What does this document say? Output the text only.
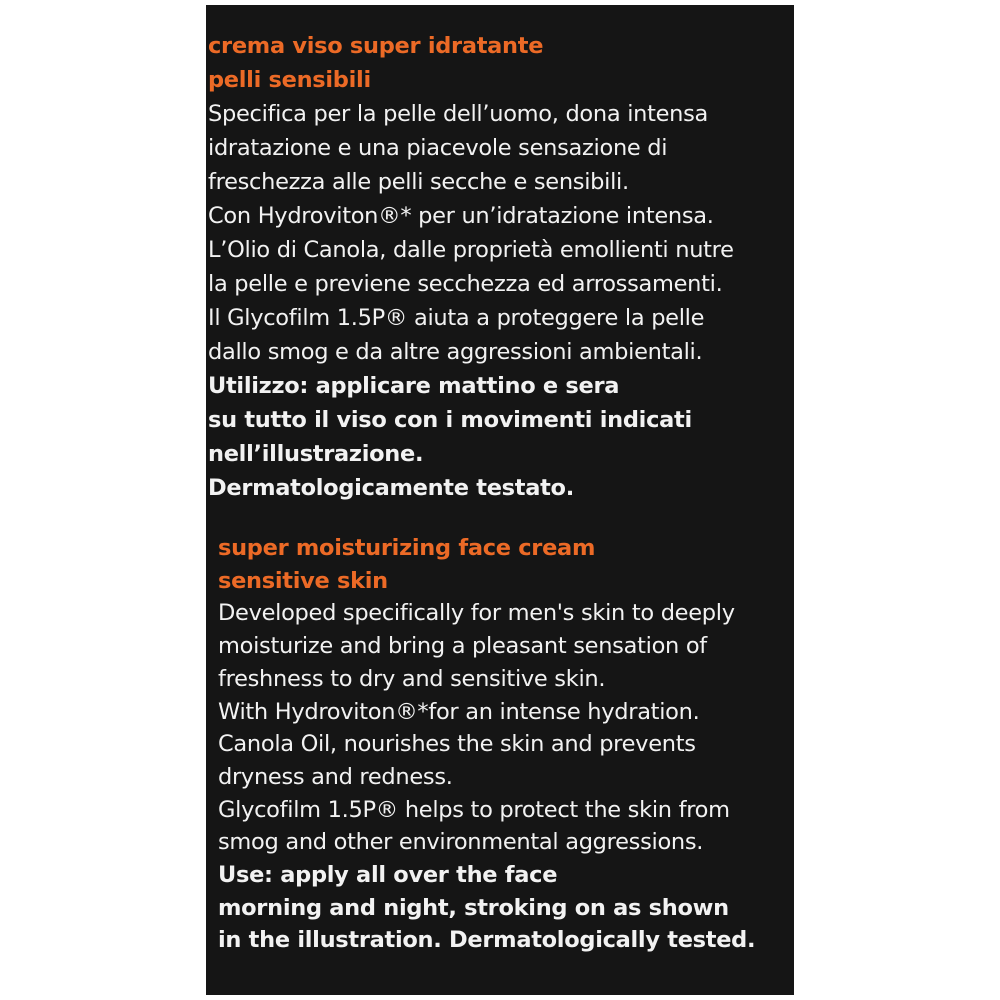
crema viso super idratante
pelli sensibili
Specifica per la pelle dell’uomo, dona intensa
idratazione e una piacevole sensazione di
freschezza alle pelli secche e sensibili.
Con Hydroviton®* per un’idratazione intensa.
L’Olio di Canola, dalle proprietà emollienti nutre
la pelle e previene secchezza ed arrossamenti.
Il Glycofilm 1.5P® aiuta a proteggere la pelle
dallo smog e da altre aggressioni ambientali.
Utilizzo: applicare mattino e sera
su tutto il viso con i movimenti indicati
nell’illustrazione.
Dermatologicamente testato.
super moisturizing face cream
sensitive skin
Developed specifically for men's skin to deeply
moisturize and bring a pleasant sensation of
freshness to dry and sensitive skin.
With Hydroviton®*for an intense hydration.
Canola Oil, nourishes the skin and prevents
dryness and redness.
Glycofilm 1.5P® helps to protect the skin from
smog and other environmental aggressions.
Use: apply all over the face
morning and night, stroking on as shown
in the illustration. Dermatologically tested.
